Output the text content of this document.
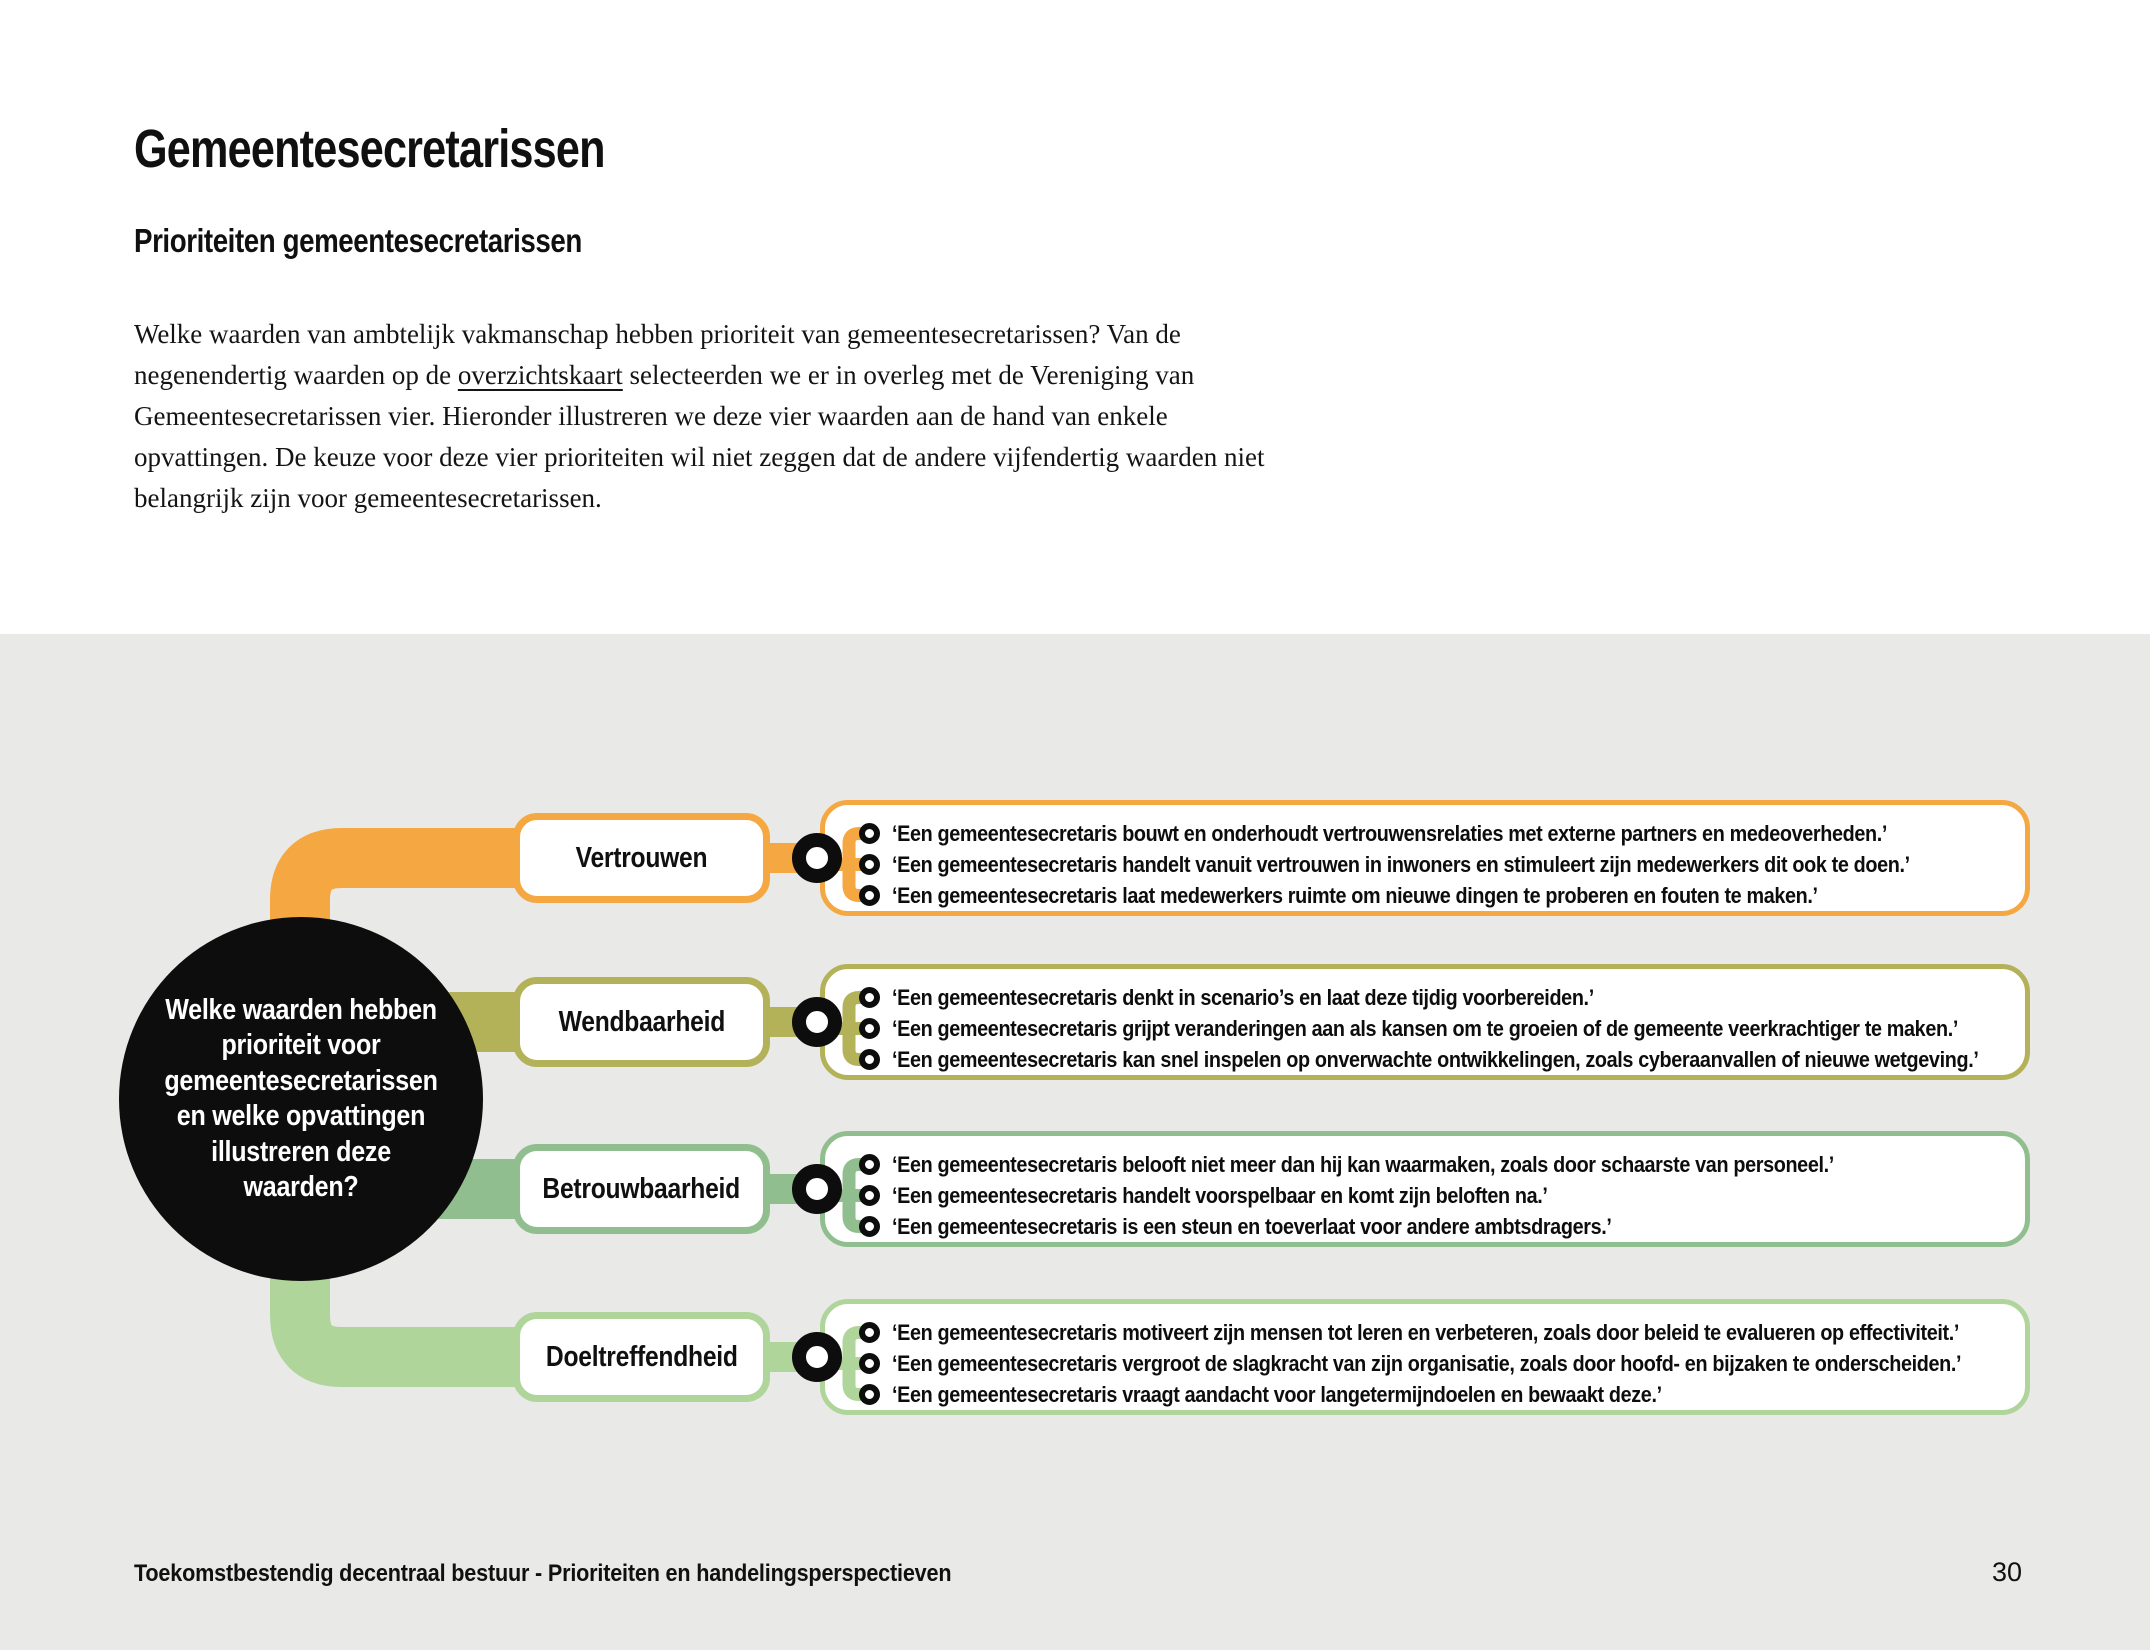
Gemeentesecretarissen
Prioriteiten gemeentesecretarissen
Welke waarden van ambtelijk vakmanschap hebben prioriteit van gemeentesecretarissen? Van de
negenendertig waarden op de overzichtskaart selecteerden we er in overleg met de Vereniging van
Gemeentesecretarissen vier. Hieronder illustreren we deze vier waarden aan de hand van enkele
opvattingen. De keuze voor deze vier prioriteiten wil niet zeggen dat de andere vijfendertig waarden niet
belangrijk zijn voor gemeentesecretarissen.
Welke waarden hebben prioriteit voor gemeentesecretarissen en welke opvattingen illustreren deze waarden?
Vertrouwen
‘Een gemeentesecretaris bouwt en onderhoudt vertrouwensrelaties met externe partners en medeoverheden.’
‘Een gemeentesecretaris handelt vanuit vertrouwen in inwoners en stimuleert zijn medewerkers dit ook te doen.’
‘Een gemeentesecretaris laat medewerkers ruimte om nieuwe dingen te proberen en fouten te maken.’
Wendbaarheid
‘Een gemeentesecretaris denkt in scenario’s en laat deze tijdig voorbereiden.’
‘Een gemeentesecretaris grijpt veranderingen aan als kansen om te groeien of de gemeente veerkrachtiger te maken.’
‘Een gemeentesecretaris kan snel inspelen op onverwachte ontwikkelingen, zoals cyberaanvallen of nieuwe wetgeving.’
Betrouwbaarheid
‘Een gemeentesecretaris belooft niet meer dan hij kan waarmaken, zoals door schaarste van personeel.’
‘Een gemeentesecretaris handelt voorspelbaar en komt zijn beloften na.’
‘Een gemeentesecretaris is een steun en toeverlaat voor andere ambtsdragers.’
Doeltreffendheid
‘Een gemeentesecretaris motiveert zijn mensen tot leren en verbeteren, zoals door beleid te evalueren op effectiviteit.’
‘Een gemeentesecretaris vergroot de slagkracht van zijn organisatie, zoals door hoofd- en bijzaken te onderscheiden.’
‘Een gemeentesecretaris vraagt aandacht voor langetermijndoelen en bewaakt deze.’
Toekomstbestendig decentraal bestuur - Prioriteiten en handelingsperspectieven	30
